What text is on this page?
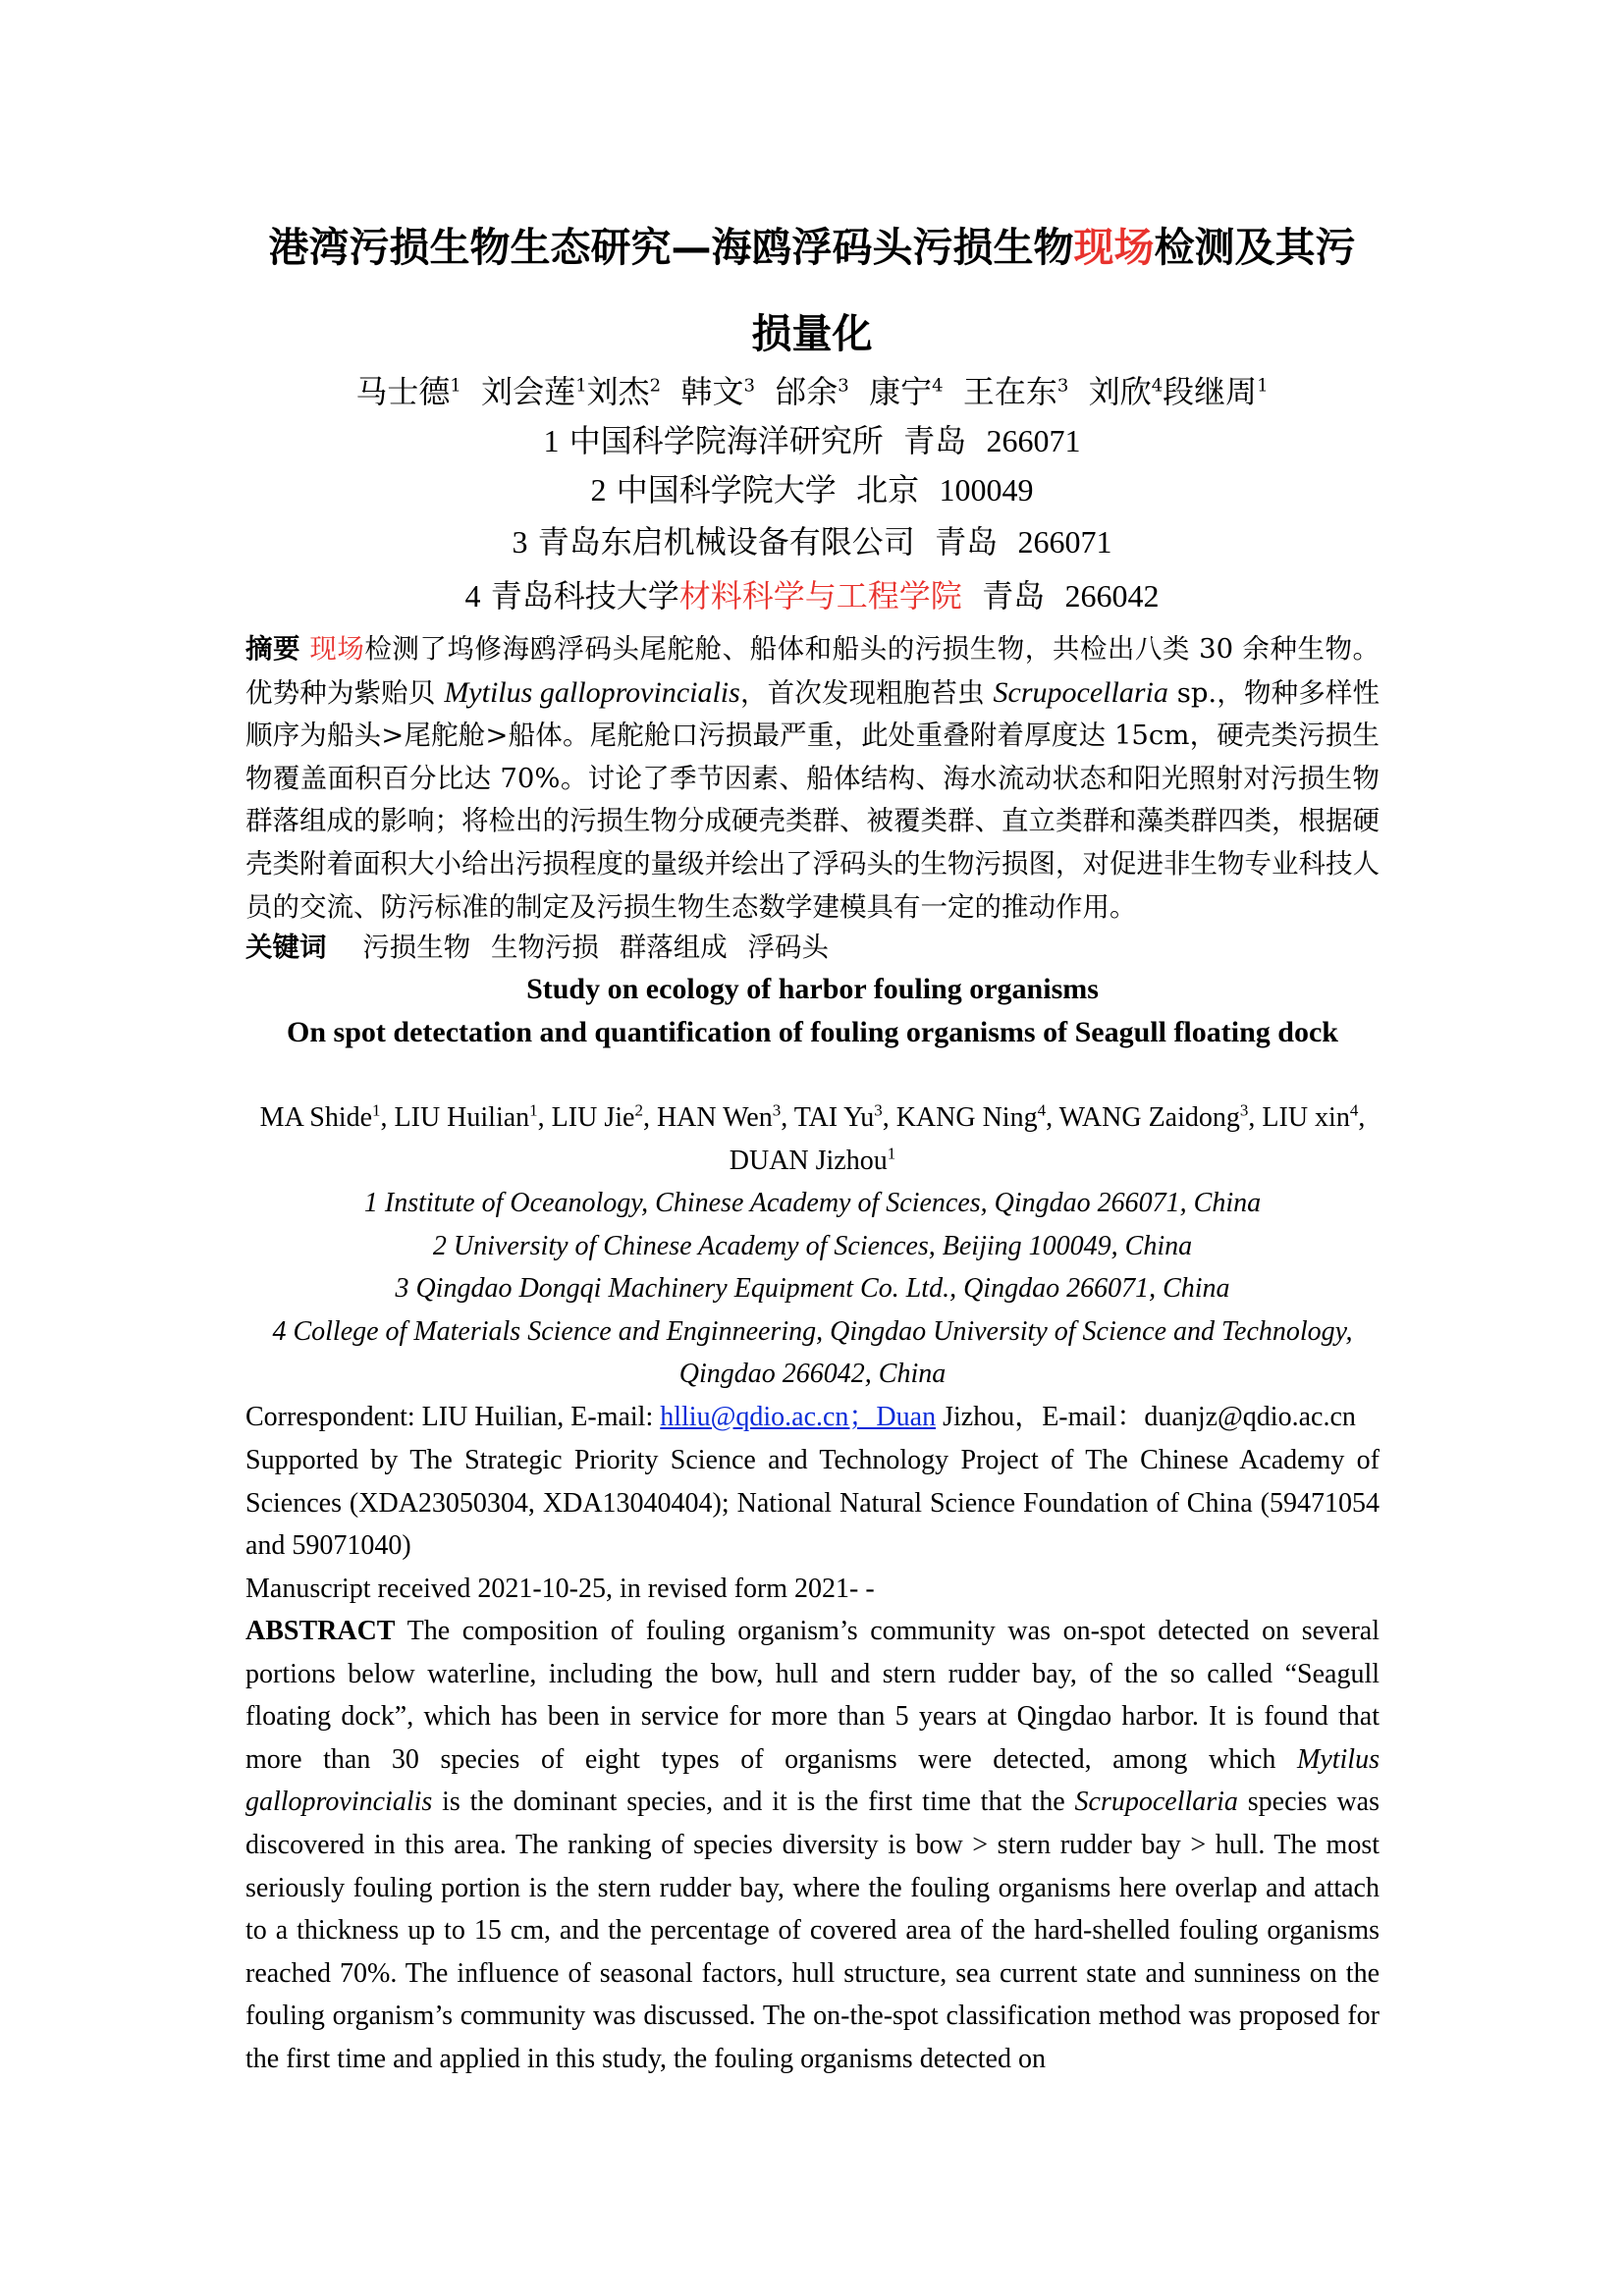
港湾污损生物生态研究—海鸥浮码头污损生物现场检测及其污
损量化
马士德$^1$ 刘会莲$^1$刘杰$^2$ 韩文$^3$ 邰余$^3$ 康宁$^4$ 王在东$^3$ 刘欣$^4$段继周$^1$
1 中国科学院海洋研究所 青岛 266071
2 中国科学院大学 北京 100049
3 青岛东启机械设备有限公司 青岛 266071
4 青岛科技大学材料科学与工程学院 青岛 266042
摘要 现场检测了坞修海鸥浮码头尾舵舱、船体和船头的污损生物，共检出八类 30 余种生物。优势种为紫贻贝 Mytilus galloprovincialis，首次发现粗胞苔虫 Scrupocellaria sp.，物种多样性顺序为船头>尾舵舱>船体。尾舵舱口污损最严重，此处重叠附着厚度达 15cm，硬壳类污损生物覆盖面积百分比达 70%。讨论了季节因素、船体结构、海水流动状态和阳光照射对污损生物群落组成的影响；将检出的污损生物分成硬壳类群、被覆类群、直立类群和藻类群四类，根据硬壳类附着面积大小给出污损程度的量级并绘出了浮码头的生物污损图，对促进非生物专业科技人员的交流、防污标准的制定及污损生物生态数学建模具有一定的推动作用。
关键词 污损生物 生物污损 群落组成 浮码头
Study on ecology of harbor fouling organisms
On spot detectation and quantification of fouling organisms of Seagull floating dock
MA Shide$^1$, LIU Huilian$^1$, LIU Jie$^2$, HAN Wen$^3$, TAI Yu$^3$, KANG Ning$^4$, WANG Zaidong$^3$, LIU xin$^4$, DUAN Jizhou$^1$
1 Institute of Oceanology, Chinese Academy of Sciences, Qingdao 266071, China
2 University of Chinese Academy of Sciences, Beijing 100049, China
3 Qingdao Dongqi Machinery Equipment Co. Ltd., Qingdao 266071, China
4 College of Materials Science and Enginneering, Qingdao University of Science and Technology, Qingdao 266042, China
Correspondent: LIU Huilian, E-mail: hlliu@qdio.ac.cn；Duan Jizhou，E-mail：duanjz@qdio.ac.cn
Supported by The Strategic Priority Science and Technology Project of The Chinese Academy of Sciences (XDA23050304, XDA13040404); National Natural Science Foundation of China (59471054 and 59071040)
Manuscript received 2021-10-25, in revised form 2021- -
ABSTRACT The composition of fouling organism’s community was on-spot detected on several portions below waterline, including the bow, hull and stern rudder bay, of the so called “Seagull floating dock”, which has been in service for more than 5 years at Qingdao harbor. It is found that more than 30 species of eight types of organisms were detected, among which Mytilus galloprovincialis is the dominant species, and it is the first time that the Scrupocellaria species was discovered in this area. The ranking of species diversity is bow > stern rudder bay > hull. The most seriously fouling portion is the stern rudder bay, where the fouling organisms here overlap and attach to a thickness up to 15 cm, and the percentage of covered area of the hard-shelled fouling organisms reached 70%. The influence of seasonal factors, hull structure, sea current state and sunniness on the fouling organism’s community was discussed. The on-the-spot classification method was proposed for the first time and applied in this study, the fouling organisms detected on
